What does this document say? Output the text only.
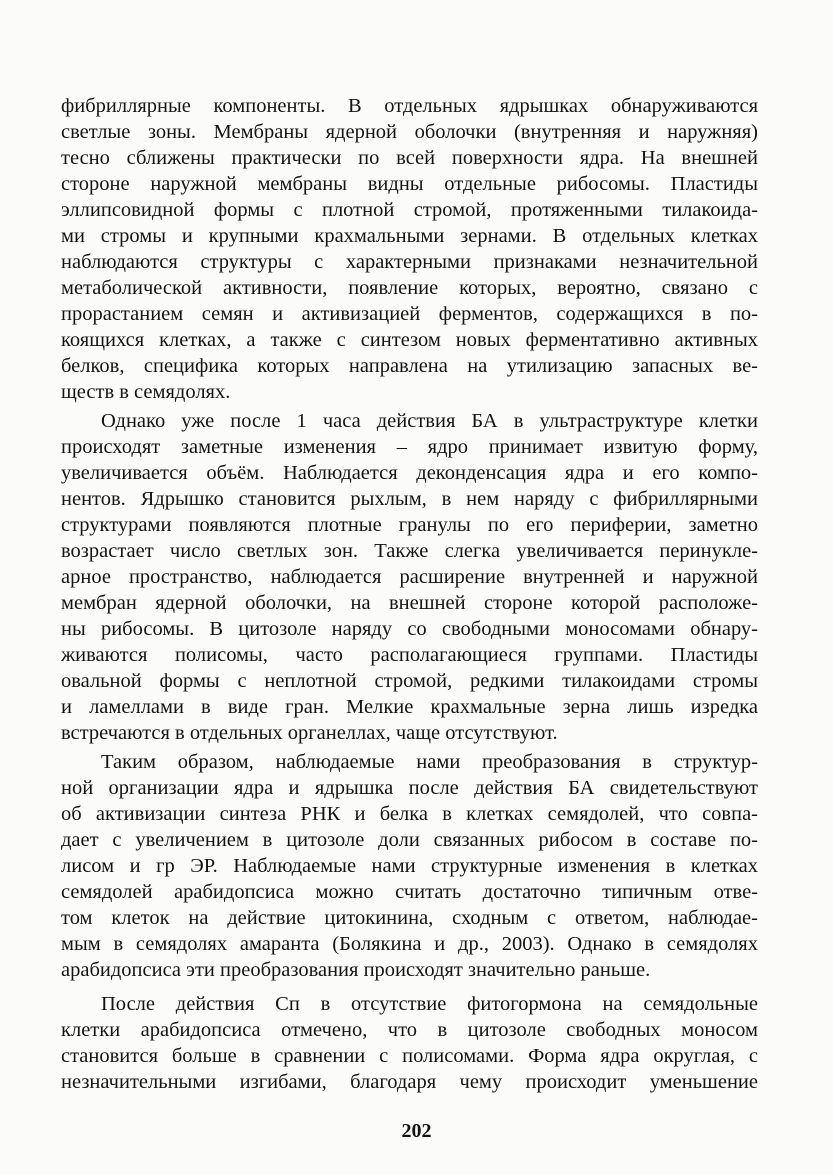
фибриллярные компоненты. В отдельных ядрышках обнаруживаются
светлые зоны. Мембраны ядерной оболочки (внутренняя и наружняя)
тесно сближены практически по всей поверхности ядра. На внешней
стороне наружной мембраны видны отдельные рибосомы. Пластиды
эллипсовидной формы с плотной стромой, протяженными тилакоида-
ми стромы и крупными крахмальными зернами. В отдельных клетках
наблюдаются структуры с характерными признаками незначительной
метаболической активности, появление которых, вероятно, связано с
прорастанием семян и активизацией ферментов, содержащихся в по-
коящихся клетках, а также с синтезом новых ферментативно активных
белков, специфика которых направлена на утилизацию запасных ве-
ществ в семядолях.
Однако уже после 1 часа действия БА в ультраструктуре клетки
происходят заметные изменения – ядро принимает извитую форму,
увеличивается объём. Наблюдается деконденсация ядра и его компо-
нентов. Ядрышко становится рыхлым, в нем наряду с фибриллярными
структурами появляются плотные гранулы по его периферии, заметно
возрастает число светлых зон. Также слегка увеличивается перинукле-
арное пространство, наблюдается расширение внутренней и наружной
мембран ядерной оболочки, на внешней стороне которой расположе-
ны рибосомы. В цитозоле наряду со свободными моносомами обнару-
живаются полисомы, часто располагающиеся группами. Пластиды
овальной формы с неплотной стромой, редкими тилакоидами стромы
и ламеллами в виде гран. Мелкие крахмальные зерна лишь изредка
встречаются в отдельных органеллах, чаще отсутствуют.
Таким образом, наблюдаемые нами преобразования в структур-
ной организации ядра и ядрышка после действия БА свидетельствуют
об активизации синтеза РНК и белка в клетках семядолей, что совпа-
дает с увеличением в цитозоле доли связанных рибосом в составе по-
лисом и гр ЭР. Наблюдаемые нами структурные изменения в клетках
семядолей арабидопсиса можно считать достаточно типичным отве-
том клеток на действие цитокинина, сходным с ответом, наблюдае-
мым в семядолях амаранта (Болякина и др., 2003). Однако в семядолях
арабидопсиса эти преобразования происходят значительно раньше.
После действия Сп в отсутствие фитогормона на семядольные
клетки арабидопсиса отмечено, что в цитозоле свободных моносом
становится больше в сравнении с полисомами. Форма ядра округлая, с
незначительными изгибами, благодаря чему происходит уменьшение
202
